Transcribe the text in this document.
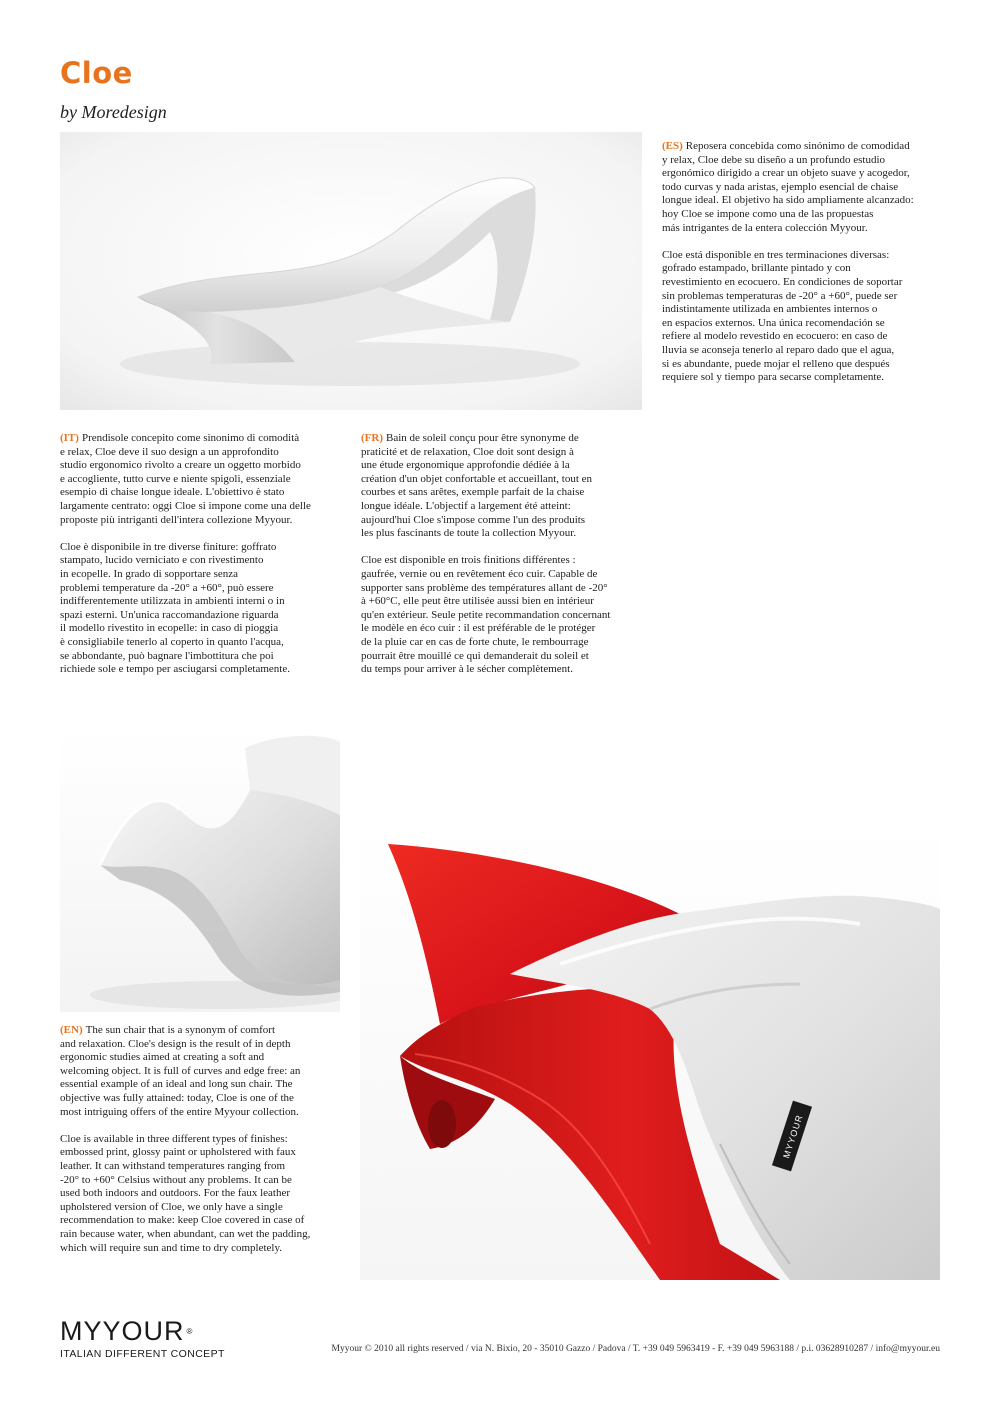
Cloe
by Moredesign

(ES) Reposera concebida como sinónimo de comodidad
y relax, Cloe debe su diseño a un profundo estudio
ergonómico dirigido a crear un objeto suave y acogedor,
todo curvas y nada aristas, ejemplo esencial de chaise
longue ideal. El objetivo ha sido ampliamente alcanzado:
hoy Cloe se impone como una de las propuestas
más intrigantes de la entera colección Myyour.

Cloe está disponible en tres terminaciones diversas:
gofrado estampado, brillante pintado y con
revestimiento en ecocuero. En condiciones de soportar
sin problemas temperaturas de -20° a +60°, puede ser
indistintamente utilizada en ambientes internos o
en espacios externos. Una única recomendación se
refiere al modelo revestido en ecocuero: en caso de
lluvia se aconseja tenerlo al reparo dado que el agua,
si es abundante, puede mojar el relleno que después
requiere sol y tiempo para secarse completamente.

(IT) Prendisole concepito come sinonimo di comodità
e relax, Cloe deve il suo design a un approfondito
studio ergonomico rivolto a creare un oggetto morbido
e accogliente, tutto curve e niente spigoli, essenziale
esempio di chaise longue ideale. L'obiettivo è stato
largamente centrato: oggi Cloe si impone come una delle
proposte più intriganti dell'intera collezione Myyour.

Cloe è disponibile in tre diverse finiture: goffrato
stampato, lucido verniciato e con rivestimento
in ecopelle. In grado di sopportare senza
problemi temperature da -20° a +60°, può essere
indifferentemente utilizzata in ambienti interni o in
spazi esterni. Un'unica raccomandazione riguarda
il modello rivestito in ecopelle: in caso di pioggia
è consigliabile tenerlo al coperto in quanto l'acqua,
se abbondante, può bagnare l'imbottitura che poi
richiede sole e tempo per asciugarsi completamente.

(FR) Bain de soleil conçu pour être synonyme de
praticité et de relaxation, Cloe doit sont design à
une étude ergonomique approfondie dédiée à la
création d'un objet confortable et accueillant, tout en
courbes et sans arêtes, exemple parfait de la chaise
longue idéale. L'objectif a largement été atteint:
aujourd'hui Cloe s'impose comme l'un des produits
les plus fascinants de toute la collection Myyour.

Cloe est disponible en trois finitions différentes :
gaufrée, vernie ou en revêtement éco cuir. Capable de
supporter sans problème des températures allant de -20°
à +60°C, elle peut être utilisée aussi bien en intérieur
qu'en extérieur. Seule petite recommandation concernant
le modèle en éco cuir : il est préférable de le protéger
de la pluie car en cas de forte chute, le rembourrage
pourrait être mouillé ce qui demanderait du soleil et
du temps pour arriver à le sécher complètement.

MYYOUR

(EN) The sun chair that is a synonym of comfort
and relaxation. Cloe's design is the result of in depth
ergonomic studies aimed at creating a soft and
welcoming object. It is full of curves and edge free: an
essential example of an ideal and long sun chair. The
objective was fully attained: today, Cloe is one of the
most intriguing offers of the entire Myyour collection.

Cloe is available in three different types of finishes:
embossed print, glossy paint or upholstered with faux
leather. It can withstand temperatures ranging from
-20° to +60° Celsius without any problems. It can be
used both indoors and outdoors. For the faux leather
upholstered version of Cloe, we only have a single
recommendation to make: keep Cloe covered in case of
rain because water, when abundant, can wet the padding,
which will require sun and time to dry completely.

MYYOUR ®
ITALIAN DIFFERENT CONCEPT	Myyour © 2010 all rights reserved / via N. Bixio, 20 - 35010 Gazzo / Padova / T. +39 049 5963419 - F. +39 049 5963188 / p.i. 03628910287 / info@myyour.eu
